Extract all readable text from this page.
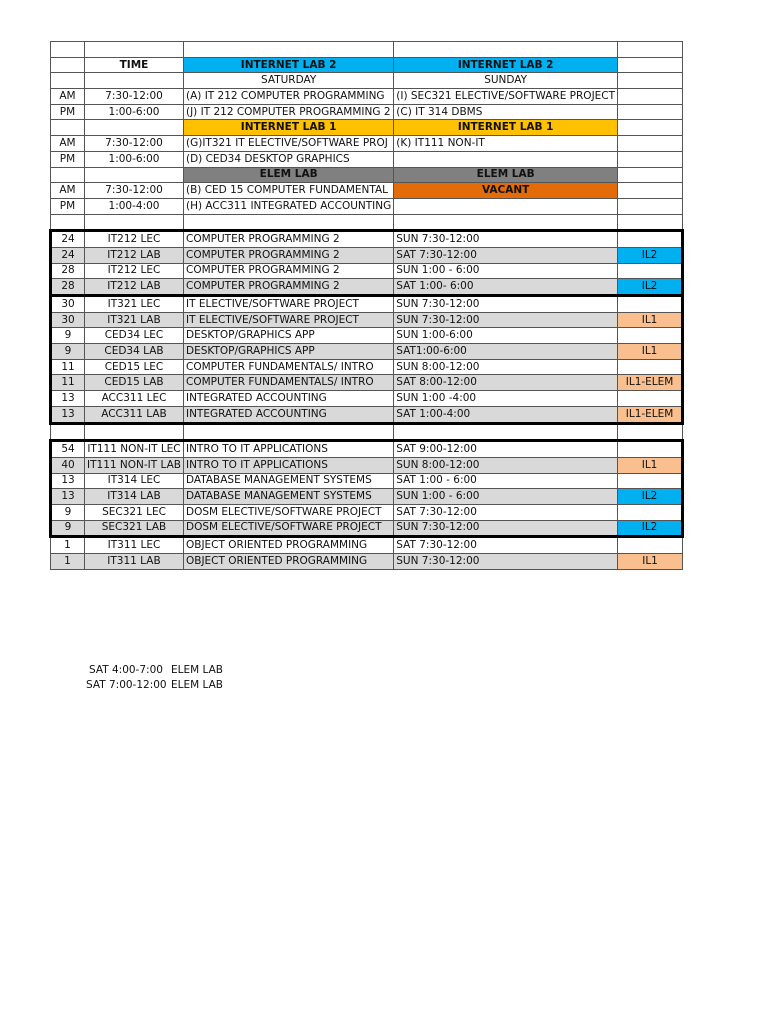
	TIME	INTERNET LAB 2	INTERNET LAB 2	
		SATURDAY	SUNDAY	
AM	7:30-12:00	(A) IT 212 COMPUTER PROGRAMMING	(I) SEC321 ELECTIVE/SOFTWARE PROJECT	
PM	1:00-6:00	(J) IT 212 COMPUTER PROGRAMMING 2	(C) IT 314 DBMS	
		INTERNET LAB 1	INTERNET LAB 1	
AM	7:30-12:00	(G)IT321 IT ELECTIVE/SOFTWARE PROJ	(K) IT111 NON-IT	
PM	1:00-6:00	(D) CED34 DESKTOP GRAPHICS		
		ELEM LAB	ELEM LAB	
AM	7:30-12:00	(B) CED 15 COMPUTER FUNDAMENTAL	VACANT	
PM	1:00-4:00	(H) ACC311 INTEGRATED ACCOUNTING		

24	IT212 LEC	COMPUTER PROGRAMMING 2	SUN 7:30-12:00	
24	IT212 LAB	COMPUTER PROGRAMMING 2	SAT 7:30-12:00	IL2
28	IT212 LEC	COMPUTER PROGRAMMING 2	SUN 1:00 - 6:00	
28	IT212 LAB	COMPUTER PROGRAMMING 2	SAT 1:00- 6:00	IL2
30	IT321 LEC	IT ELECTIVE/SOFTWARE PROJECT	SUN 7:30-12:00	
30	IT321 LAB	IT ELECTIVE/SOFTWARE PROJECT	SUN 7:30-12:00	IL1
9	CED34 LEC	DESKTOP/GRAPHICS APP	SUN 1:00-6:00	
9	CED34 LAB	DESKTOP/GRAPHICS APP	SAT1:00-6:00	IL1
11	CED15 LEC	COMPUTER FUNDAMENTALS/ INTRO	SUN 8:00-12:00	
11	CED15 LAB	COMPUTER FUNDAMENTALS/ INTRO	SAT 8:00-12:00	IL1-ELEM
13	ACC311 LEC	INTEGRATED ACCOUNTING	SUN 1:00 -4:00	
13	ACC311 LAB	INTEGRATED ACCOUNTING	SAT 1:00-4:00	IL1-ELEM

54	IT111 NON-IT LEC	INTRO TO IT APPLICATIONS	SAT 9:00-12:00	
40	IT111 NON-IT LAB	INTRO TO IT APPLICATIONS	SUN 8:00-12:00	IL1
13	IT314 LEC	DATABASE MANAGEMENT SYSTEMS	SAT 1:00 - 6:00	
13	IT314 LAB	DATABASE MANAGEMENT SYSTEMS	SUN 1:00 - 6:00	IL2
9	SEC321 LEC	DOSM ELECTIVE/SOFTWARE PROJECT	SAT 7:30-12:00	
9	SEC321 LAB	DOSM ELECTIVE/SOFTWARE PROJECT	SUN 7:30-12:00	IL2
1	IT311 LEC	OBJECT ORIENTED PROGRAMMING	SAT 7:30-12:00	
1	IT311 LAB	OBJECT ORIENTED PROGRAMMING	SUN 7:30-12:00	IL1
SAT 4:00-7:00 ELEM LAB
SAT 7:00-12:00 ELEM LAB
